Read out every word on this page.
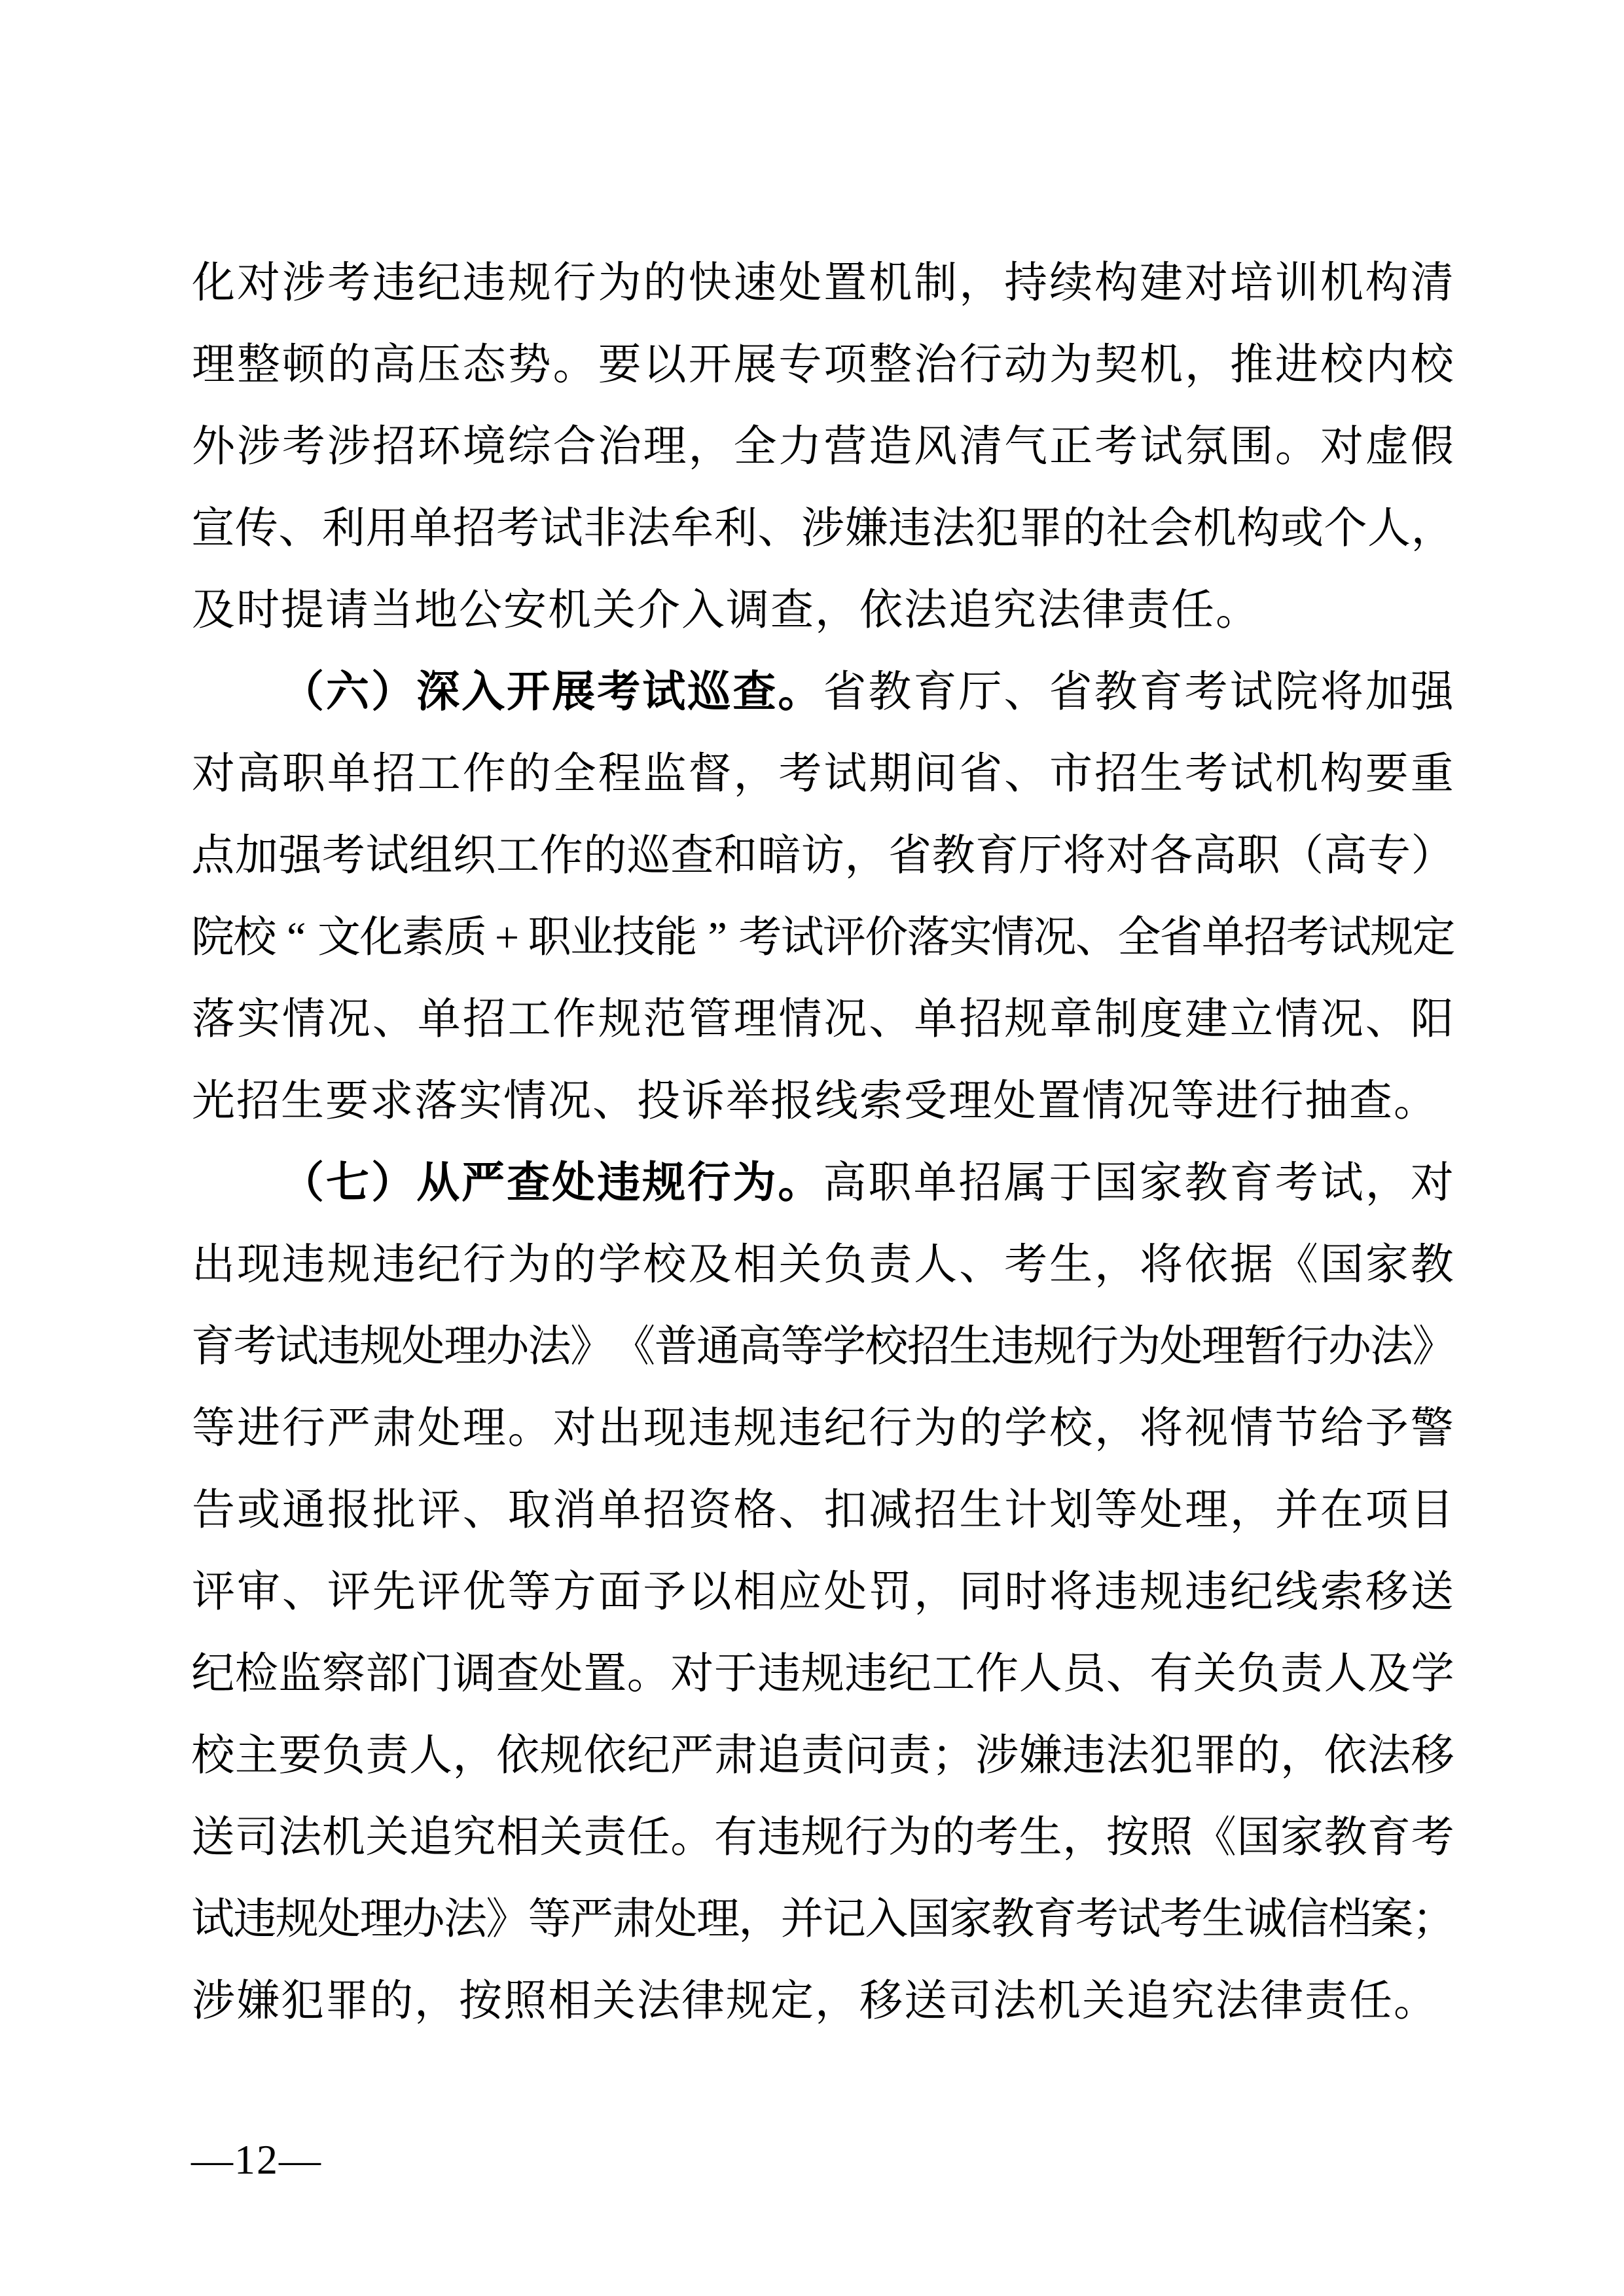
化 对 涉 考 违 纪 违 规 行 为 的 快 速 处 置 机 制 ， 持 续 构 建 对 培 训 机 构 清
理 整 顿 的 高 压 态 势 。 要 以 开 展 专 项 整 治 行 动 为 契 机 ， 推 进 校 内 校
外 涉 考 涉 招 环 境 综 合 治 理 ， 全 力 营 造 风 清 气 正 考 试 氛 围 。 对 虚 假
宣 传 、 利 用 单 招 考 试 非 法 牟 利 、 涉 嫌 违 法 犯 罪 的 社 会 机 构 或 个 人 ，
及 时 提 请 当 地 公 安 机 关 介 入 调 查 ， 依 法 追 究 法 律 责 任 。
（ 六 ） 深 入 开 展 考 试 巡 查 。 省 教 育 厅 、 省 教 育 考 试 院 将 加 强
对 高 职 单 招 工 作 的 全 程 监 督 ， 考 试 期 间 省 、 市 招 生 考 试 机 构 要 重
点 加 强 考 试 组 织 工 作 的 巡 查 和 暗 访 ， 省 教 育 厅 将 对 各 高 职 （ 高 专 ）
院
校 “ 文
化
素
质 + 职
业
技
能 ” 考
试
评
价
落
实
情
况
、
全
省
单
招
考
试
规
定
落 实 情 况 、 单 招 工 作 规 范 管 理 情 况 、 单 招 规 章 制 度 建 立 情 况 、 阳
光 招 生 要 求 落 实 情 况 、 投 诉 举 报 线 索 受 理 处 置 情 况 等 进 行 抽 查 。
（ 七 ） 从 严 查 处 违 规 行 为 。 高 职 单 招 属 于 国 家 教 育 考 试 ， 对
出 现 违 规 违 纪 行 为 的 学 校 及 相 关 负 责 人 、 考 生 ， 将 依 据 《 国 家 教
育
考
试
违
规
处
理
办
法
》
《
普
通
高
等
学
校
招
生
违
规
行
为
处
理
暂
行
办
法
》
等 进 行 严 肃 处 理 。 对 出 现 违 规 违 纪 行 为 的 学 校 ， 将 视 情 节 给 予 警
告 或 通 报 批 评 、 取 消 单 招 资 格 、 扣 减 招 生 计 划 等 处 理 ， 并 在 项 目
评 审 、 评 先 评 优 等 方 面 予 以 相 应 处 罚 ， 同 时 将 违 规 违 纪 线 索 移 送
纪 检 监 察 部 门 调 查 处 置 。 对 于 违 规 违 纪 工 作 人 员 、 有 关 负 责 人 及 学
校 主 要 负 责 人 ， 依 规 依 纪 严 肃 追 责 问 责 ； 涉 嫌 违 法 犯 罪 的 ， 依 法 移
送 司 法 机 关 追 究 相 关 责 任 。 有 违 规 行 为 的 考 生 ， 按 照 《 国 家 教 育 考
试
违
规
处
理
办
法
》
等
严
肃
处
理
，
并
记
入
国
家
教
育
考
试
考
生
诚
信
档
案
；
涉 嫌 犯 罪 的 ， 按 照 相 关 法 律 规 定 ， 移 送 司 法 机 关 追 究 法 律 责 任 。
—12—
